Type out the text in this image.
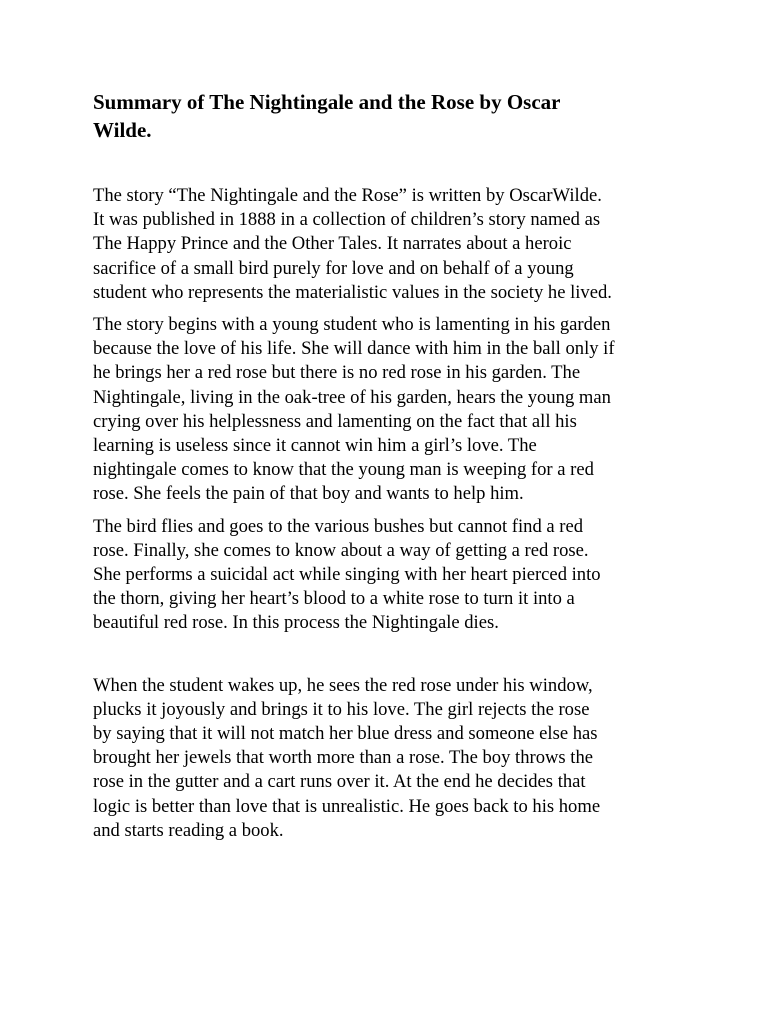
Summary of The Nightingale and the Rose by Oscar
Wilde.

The story “The Nightingale and the Rose” is written by OscarWilde.
It was published in 1888 in a collection of children’s story named as
The Happy Prince and the Other Tales. It narrates about a heroic
sacrifice of a small bird purely for love and on behalf of a young
student who represents the materialistic values in the society he lived.

The story begins with a young student who is lamenting in his garden
because the love of his life. She will dance with him in the ball only if
he brings her a red rose but there is no red rose in his garden. The
Nightingale, living in the oak-tree of his garden, hears the young man
crying over his helplessness and lamenting on the fact that all his
learning is useless since it cannot win him a girl’s love. The
nightingale comes to know that the young man is weeping for a red
rose. She feels the pain of that boy and wants to help him.

The bird flies and goes to the various bushes but cannot find a red
rose. Finally, she comes to know about a way of getting a red rose.
She performs a suicidal act while singing with her heart pierced into
the thorn, giving her heart’s blood to a white rose to turn it into a
beautiful red rose. In this process the Nightingale dies.

When the student wakes up, he sees the red rose under his window,
plucks it joyously and brings it to his love. The girl rejects the rose
by saying that it will not match her blue dress and someone else has
brought her jewels that worth more than a rose. The boy throws the
rose in the gutter and a cart runs over it. At the end he decides that
logic is better than love that is unrealistic. He goes back to his home
and starts reading a book.
